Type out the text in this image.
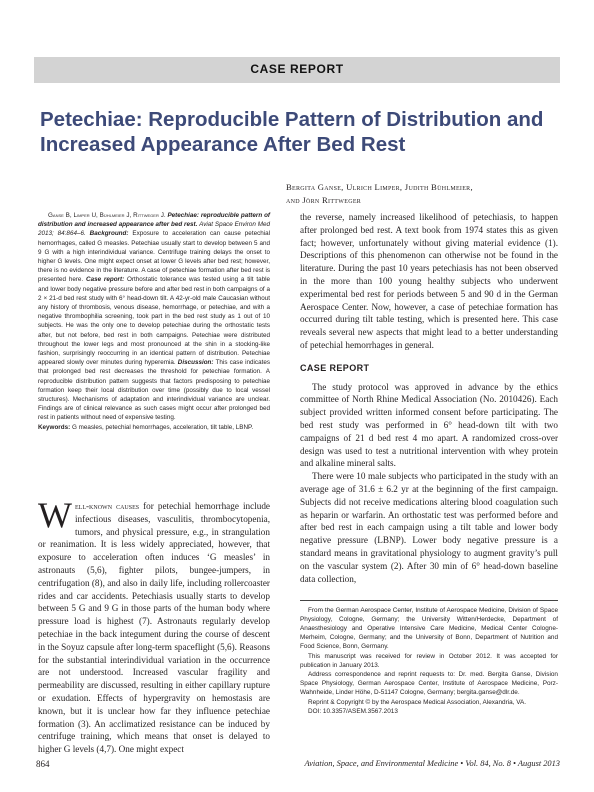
CASE REPORT
Petechiae: Reproducible Pattern of Distribution and Increased Appearance After Bed Rest
Bergita Ganse, Ulrich Limper, Judith Bühlmeier,
and Jörn Rittweger

Ganse B, Limper U, Bühlmeier J, Rittweger J. Petechiae: reproducible pattern of distribution and increased appearance after bed rest. Aviat Space Environ Med 2013; 84:864–6. Background: Exposure to acceleration can cause petechial hemorrhages, called G measles. Petechiae usually start to develop between 5 and 9 G with a high interindividual variance. Centrifuge training delays the onset to higher G levels. One might expect onset at lower G levels after bed rest; however, there is no evidence in the literature. A case of petechiae formation after bed rest is presented here. Case report: Orthostatic tolerance was tested using a tilt table and lower body negative pressure before and after bed rest in both campaigns of a 2 × 21-d bed rest study with 6° head-down tilt. A 42-yr-old male Caucasian without any history of thrombosis, venous disease, hemorrhage, or petechiae, and with a negative thrombophilia screening, took part in the bed rest study as 1 out of 10 subjects. He was the only one to develop petechiae during the orthostatic tests after, but not before, bed rest in both campaigns. Petechiae were distributed throughout the lower legs and most pronounced at the shin in a stocking-like fashion, surprisingly reoccurring in an identical pattern of distribution. Petechiae appeared slowly over minutes during hyperemia. Discussion: This case indicates that prolonged bed rest decreases the threshold for petechiae formation. A reproducible distribution pattern suggests that factors predisposing to petechiae formation keep their local distribution over time (possibly due to local vessel structures). Mechanisms of adaptation and interindividual variance are unclear. Findings are of clinical relevance as such cases might occur after prolonged bed rest in patients without need of expensive testing.

Keywords: G measles, petechial hemorrhages, acceleration, tilt table, LBNP.

Well-known causes for petechial hemorrhage include infectious diseases, vasculitis, thrombocytopenia, tumors, and physical pressure, e.g., in strangulation or reanimation. It is less widely appreciated, however, that exposure to acceleration often induces ‘G measles’ in astronauts (5,6), fighter pilots, bungee-jumpers, in centrifugation (8), and also in daily life, including rollercoaster rides and car accidents. Petechiasis usually starts to develop between 5 G and 9 G in those parts of the human body where pressure load is highest (7). Astronauts regularly develop petechiae in the back integument during the course of descent in the Soyuz capsule after long-term spaceflight (5,6). Reasons for the substantial interindividual variation in the occurrence are not understood. Increased vascular fragility and permeability are discussed, resulting in either capillary rupture or exudation. Effects of hypergravity on hemostasis are known, but it is unclear how far they influence petechiae formation (3). An acclimatized resistance can be induced by centrifuge training, which means that onset is delayed to higher G levels (4,7). One might expect

the reverse, namely increased likelihood of petechiasis, to happen after prolonged bed rest. A text book from 1974 states this as given fact; however, unfortunately without giving material evidence (1). Descriptions of this phenomenon can otherwise not be found in the literature. During the past 10 years petechiasis has not been observed in the more than 100 young healthy subjects who underwent experimental bed rest for periods between 5 and 90 d in the German Aerospace Center. Now, however, a case of petechiae formation has occurred during tilt table testing, which is presented here. This case reveals several new aspects that might lead to a better understanding of petechial hemorrhages in general.

CASE REPORT

The study protocol was approved in advance by the ethics committee of North Rhine Medical Association (No. 2010426). Each subject provided written informed consent before participating. The bed rest study was performed in 6° head-down tilt with two campaigns of 21 d bed rest 4 mo apart. A randomized cross-over design was used to test a nutritional intervention with whey protein and alkaline mineral salts.

There were 10 male subjects who participated in the study with an average age of 31.6 ± 6.2 yr at the beginning of the first campaign. Subjects did not receive medications altering blood coagulation such as heparin or warfarin. An orthostatic test was performed before and after bed rest in each campaign using a tilt table and lower body negative pressure (LBNP). Lower body negative pressure is a standard means in gravitational physiology to augment gravity’s pull on the vascular system (2). After 30 min of 6° head-down baseline data collection,

From the German Aerospace Center, Institute of Aerospace Medicine, Division of Space Physiology, Cologne, Germany; the University Witten/Herdecke, Department of Anaesthesiology and Operative Intensive Care Medicine, Medical Center Cologne-Merheim, Cologne, Germany; and the University of Bonn, Department of Nutrition and Food Science, Bonn, Germany.

This manuscript was received for review in October 2012. It was accepted for publication in January 2013.

Address correspondence and reprint requests to: Dr. med. Bergita Ganse, Division Space Physiology, German Aerospace Center, Institute of Aerospace Medicine, Porz-Wahnheide, Linder Höhe, D-51147 Cologne, Germany; bergita.ganse@dlr.de.

Reprint & Copyright © by the Aerospace Medical Association, Alexandria, VA.

DOI: 10.3357/ASEM.3567.2013

864	Aviation, Space, and Environmental Medicine • Vol. 84, No. 8 • August 2013
